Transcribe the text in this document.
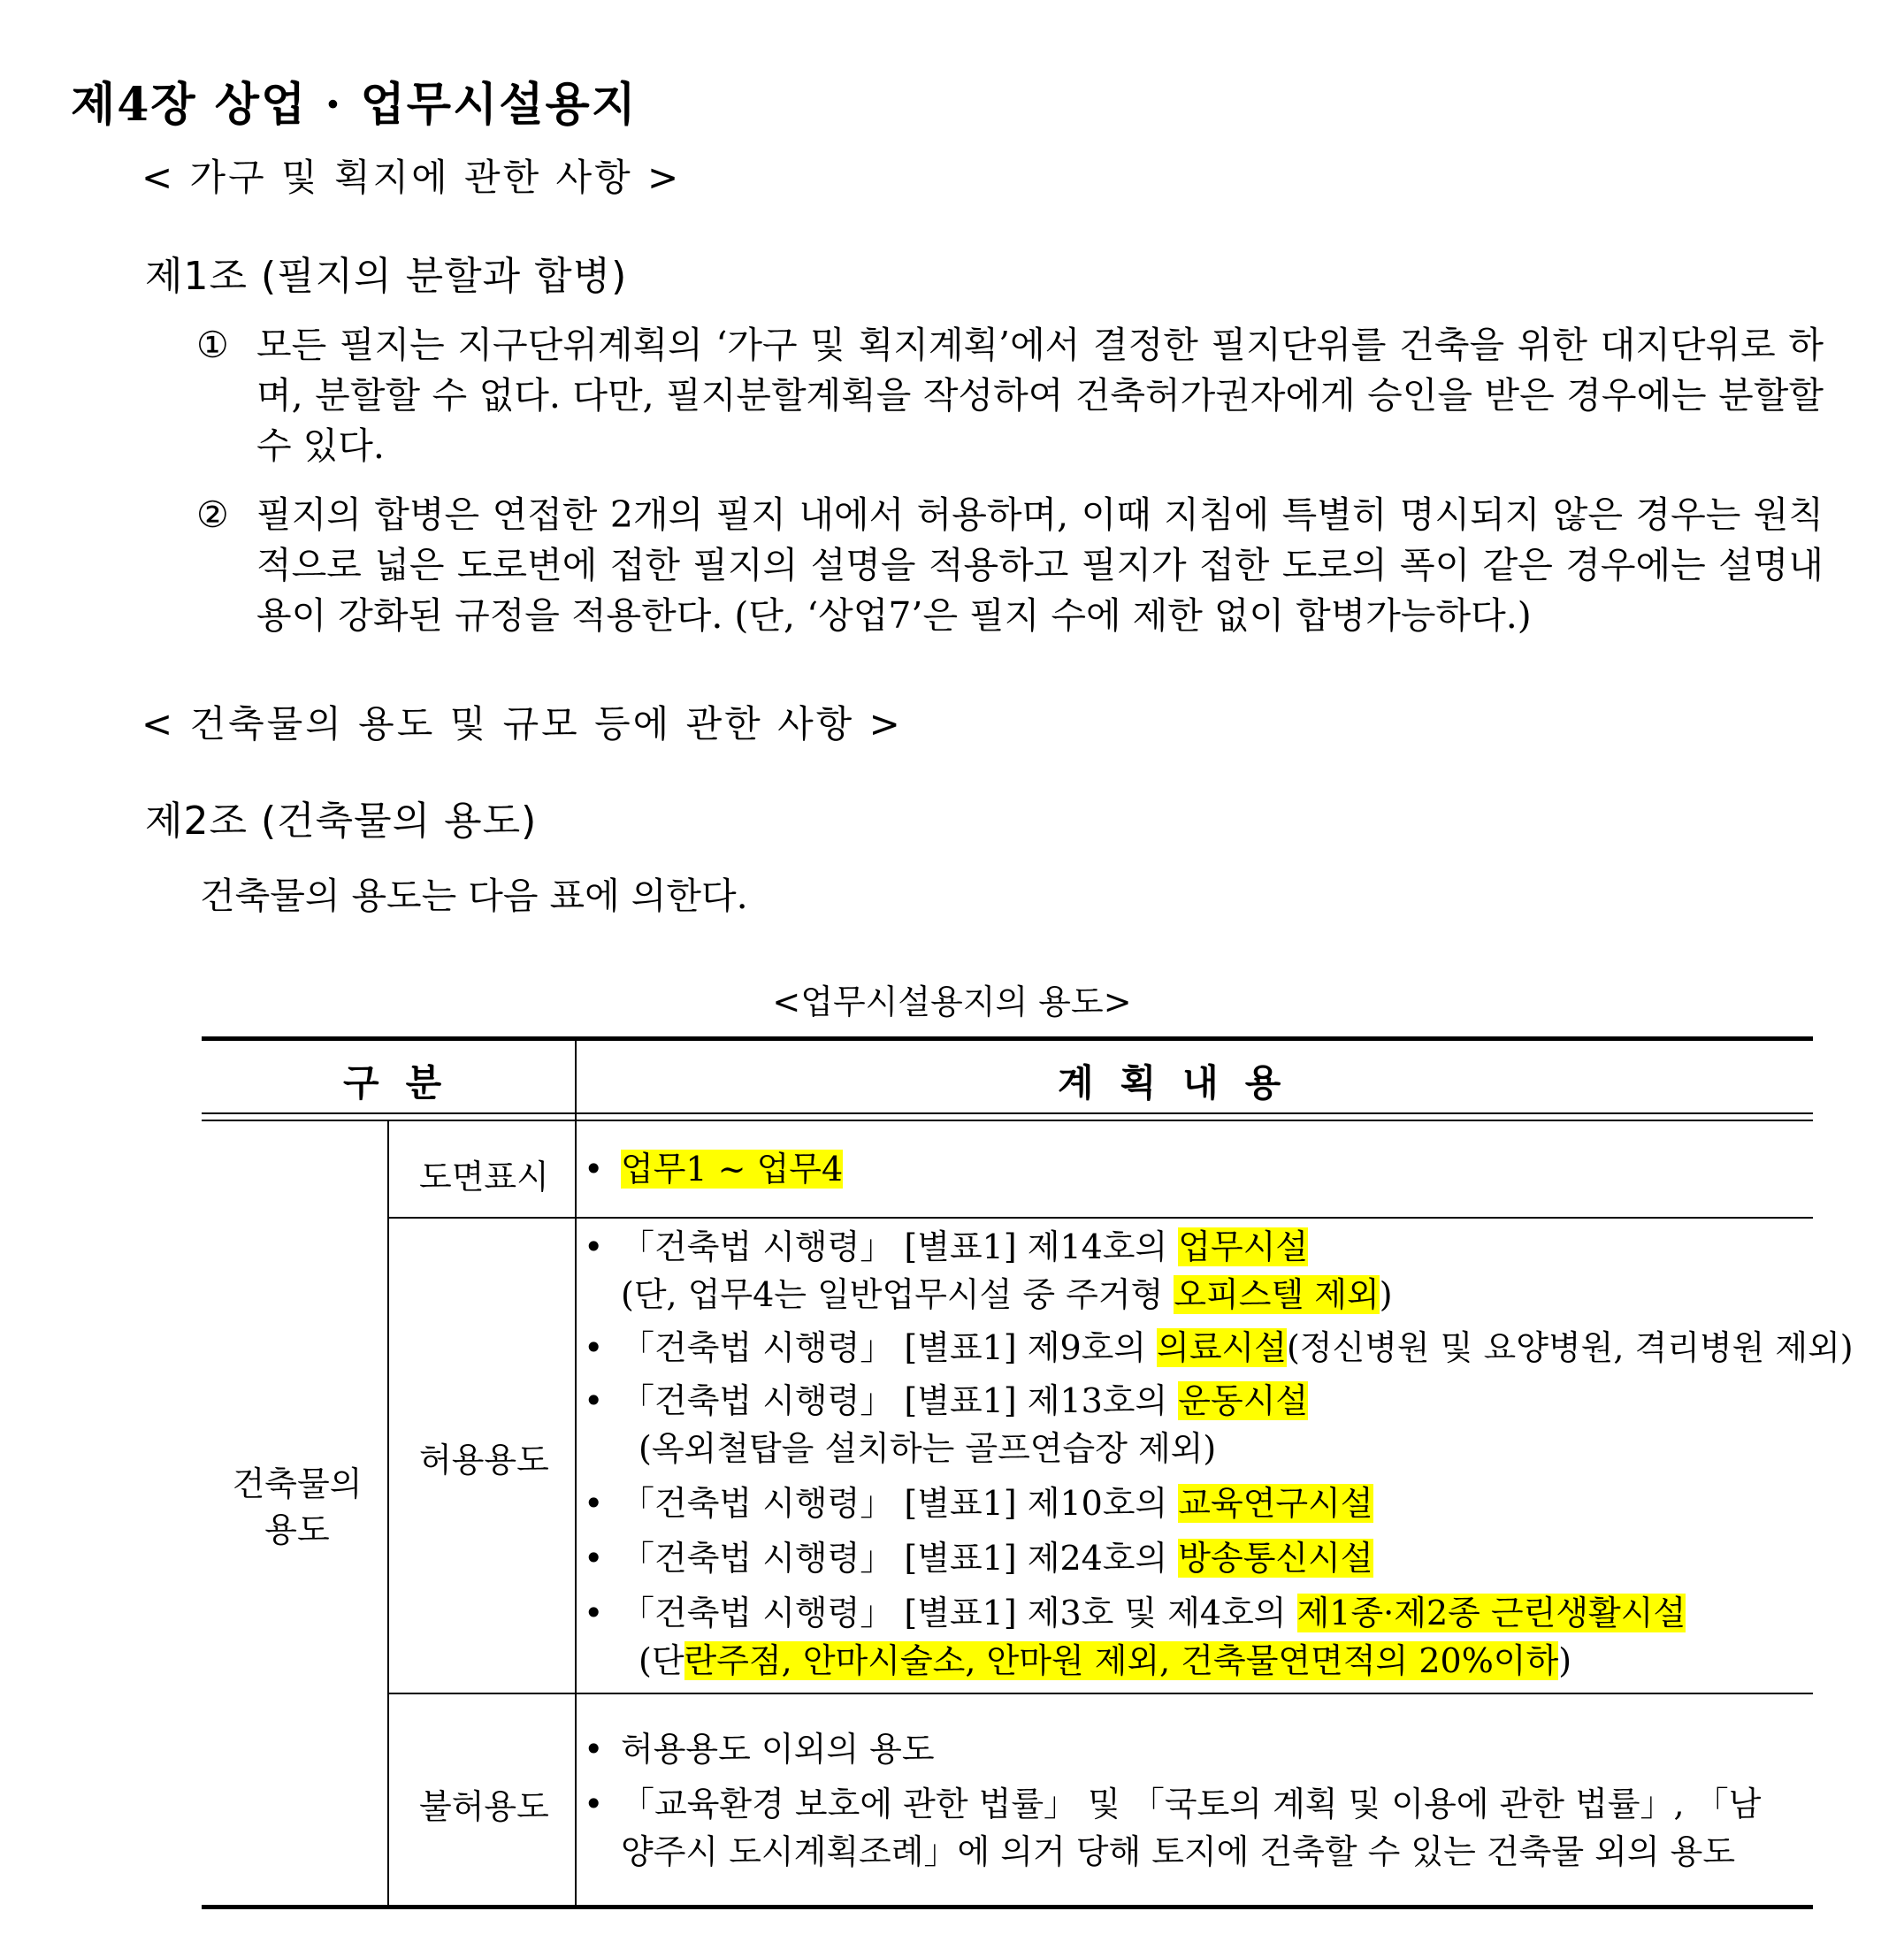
제4장 상업 · 업무시설용지
< 가구 및 획지에 관한 사항 >
제1조 (필지의 분할과 합병)
① 모든 필지는 지구단위계획의 ‘가구 및 획지계획’에서 결정한 필지단위를 건축을 위한 대지단위로 하며, 분할할 수 없다. 다만, 필지분할계획을 작성하여 건축허가권자에게 승인을 받은 경우에는 분할할 수 있다.
② 필지의 합병은 연접한 2개의 필지 내에서 허용하며, 이때 지침에 특별히 명시되지 않은 경우는 원칙적으로 넓은 도로변에 접한 필지의 설명을 적용하고 필지가 접한 도로의 폭이 같은 경우에는 설명내용이 강화된 규정을 적용한다. (단, ‘상업7’은 필지 수에 제한 없이 합병가능하다.)
< 건축물의 용도 및 규모 등에 관한 사항 >
제2조 (건축물의 용도)
건축물의 용도는 다음 표에 의한다.
<업무시설용지의 용도>
구분	계획내용
건축물의
용도
도면표시
허용용도
불허용도
• 업무1 ~ 업무4
• 「건축법 시행령」 [별표1] 제14호의 업무시설
(단, 업무4는 일반업무시설 중 주거형 오피스텔 제외)
• 「건축법 시행령」 [별표1] 제9호의 의료시설(정신병원 및 요양병원, 격리병원 제외)
• 「건축법 시행령」 [별표1] 제13호의 운동시설
(옥외철탑을 설치하는 골프연습장 제외)
• 「건축법 시행령」 [별표1] 제10호의 교육연구시설
• 「건축법 시행령」 [별표1] 제24호의 방송통신시설
• 「건축법 시행령」 [별표1] 제3호 및 제4호의 제1종·제2종 근린생활시설
(단란주점, 안마시술소, 안마원 제외, 건축물연면적의 20%이하)
• 허용용도 이외의 용도
• 「교육환경 보호에 관한 법률」 및 「국토의 계획 및 이용에 관한 법률」, 「남
양주시 도시계획조례」에 의거 당해 토지에 건축할 수 있는 건축물 외의 용도
